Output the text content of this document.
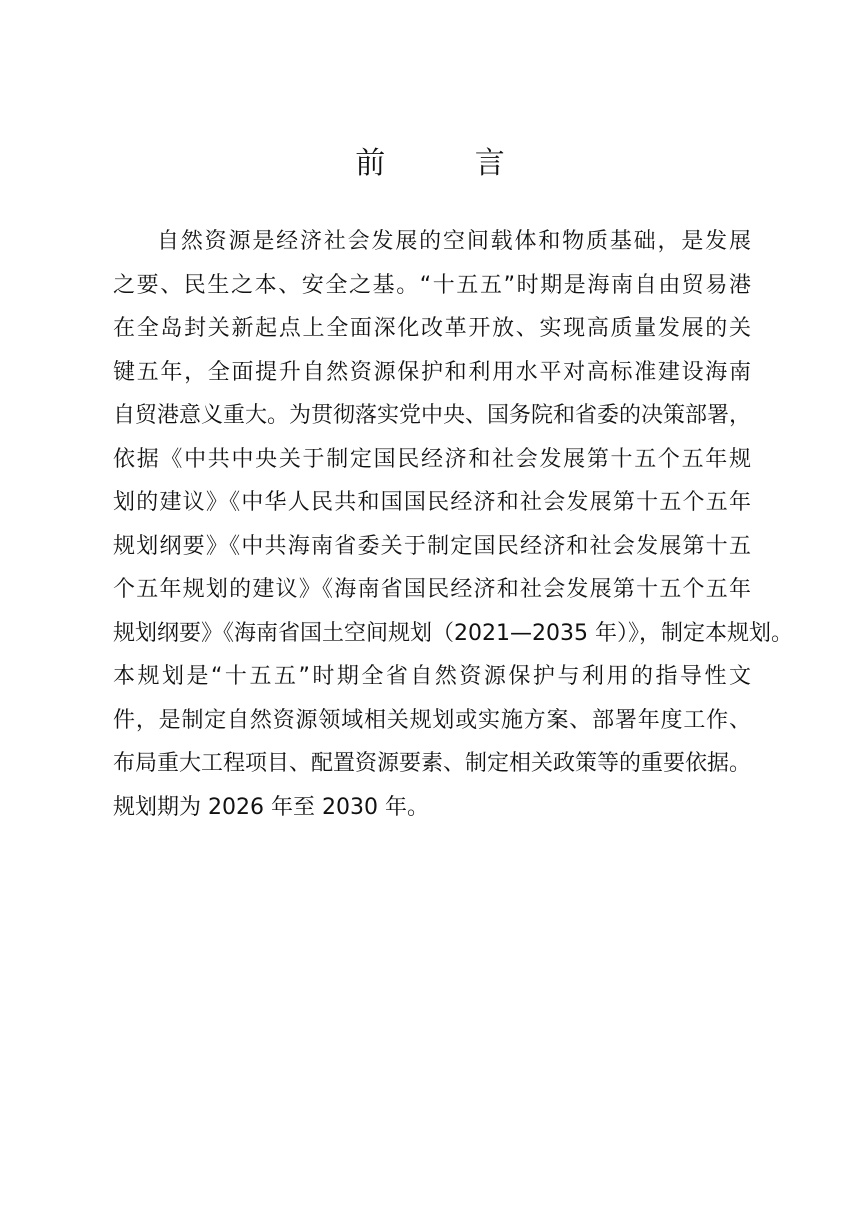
前 言
自然资源是经济社会发展的空间载体和物质基础，是发展
之要、民生之本、安全之基。“十五五”时期是海南自由贸易港
在全岛封关新起点上全面深化改革开放、实现高质量发展的关
键五年，全面提升自然资源保护和利用水平对高标准建设海南
自贸港意义重大。为贯彻落实党中央、国务院和省委的决策部署，
依据《中共中央关于制定国民经济和社会发展第十五个五年规
划的建议》《中华人民共和国国民经济和社会发展第十五个五年
规划纲要》《中共海南省委关于制定国民经济和社会发展第十五
个五年规划的建议》《海南省国民经济和社会发展第十五个五年
规划纲要》《海南省国土空间规划（2021—2035 年）》，制定本规划。
本规划是“十五五”时期全省自然资源保护与利用的指导性文
件，是制定自然资源领域相关规划或实施方案、部署年度工作、
布局重大工程项目、配置资源要素、制定相关政策等的重要依据。
规划期为 2026 年至 2030 年。
